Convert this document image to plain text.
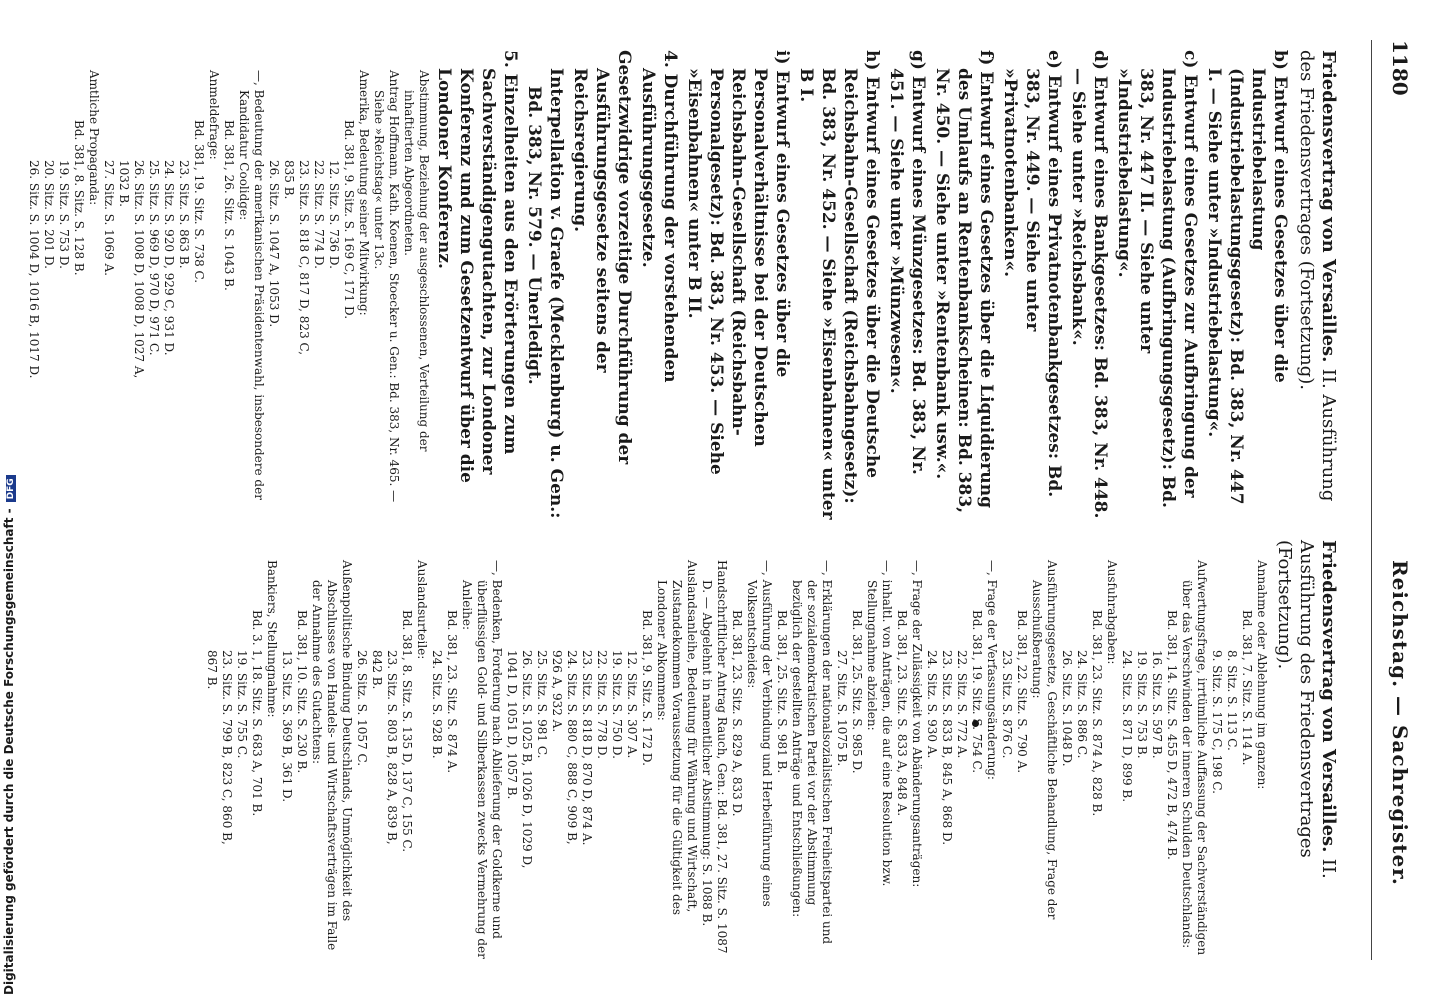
1180
Reichstag. — Sachregister.
Friedensvertrag von Versailles. II. Ausführung des Friedensvertrages (Fortsetzung).
b) Entwurf eines Gesetzes über die Industriebelastung (Industriebelastungsgesetz): Bd. 383, Nr. 447 I. — Siehe unter »Industriebelastung«.
c) Entwurf eines Gesetzes zur Aufbringung der Industriebelastung (Aufbringungsgesetz): Bd. 383, Nr. 447 II. — Siehe unter »Industriebelastung«.
d) Entwurf eines Bankgesetzes: Bd. 383, Nr. 448. — Siehe unter »Reichsbank«.
e) Entwurf eines Privatnotenbankgesetzes: Bd. 383, Nr. 449. — Siehe unter »Privatnotenbanken«.
f) Entwurf eines Gesetzes über die Liquidierung des Umlaufs an Rentenbankscheinen: Bd. 383, Nr. 450. — Siehe unter »Rentenbank usw.«.
g) Entwurf eines Münzgesetzes: Bd. 383, Nr. 451. — Siehe unter »Münzwesen«.
h) Entwurf eines Gesetzes über die Deutsche Reichsbahn-Gesellschaft (Reichsbahngesetz): Bd. 383, Nr. 452. — Siehe »Eisenbahnen« unter B I.
i) Entwurf eines Gesetzes über die Personalverhältnisse bei der Deutschen Reichsbahn-Gesellschaft (Reichsbahn-Personalgesetz): Bd. 383, Nr. 453. — Siehe »Eisenbahnen« unter B II.
4. Durchführung der vorstehenden Ausführungsgesetze.
Gesetzwidrige vorzeitige Durchführung der Ausführungsgesetze seitens der Reichsregierung.
Interpellation v. Graefe (Mecklenburg) u. Gen.: Bd. 383, Nr. 579. — Unerledigt.
5. Einzelheiten aus den Erörterungen zum Sachverständigengutachten, zur Londoner Konferenz und zum Gesetzentwurf über die Londoner Konferenz.
Abstimmung, Beziehung der ausgeschlossenen, Verteilung der inhaftierten Abgeordneten.
Antrag Hoffmann, Kath. Koenen, Stoecker u. Gen.: Bd. 383, Nr. 465. — Siehe »Reichstag« unter 13c.
Amerika, Bedeutung seiner Mitwirkung:
Bd. 381, 9. Sitz. S. 169 C, 171 D.
12. Sitz. S. 736 D.
22. Sitz. S. 774 D.
23. Sitz. S. 818 C, 817 D, 823 C,
835 B.
26. Sitz. S. 1047 A, 1053 D.
—, Bedeutung der amerikanischen Präsidentenwahl, insbesondere der Kandidatur Coolidge:
Bd. 381, 26. Sitz. S. 1043 B.
Anmeldefrage:
Bd. 381, 19. Sitz. S. 738 C.
23. Sitz. S. 863 B.
24. Sitz. S. 920 D, 929 C, 931 D.
25. Sitz. S. 969 D, 970 D, 971 C.
26. Sitz. S. 1008 D, 1008 D, 1027 A,
1032 B.
27. Sitz. S. 1069 A.
Amtliche Propaganda:
Bd. 381, 8. Sitz. S. 128 B.
19. Sitz. S. 753 D.
20. Sitz. S. 201 D.
26. Sitz. S. 1004 D, 1016 B, 1017 D.
Friedensvertrag von Versailles. II. Ausführung des Friedensvertrages (Fortsetzung).
Annahme oder Ablehnung im ganzen:
Bd. 381, 7. Sitz. S. 114 A.
8. Sitz. S. 113 C.
9. Sitz. S. 175 C, 198 C.
Aufwertungsfrage, irrtümliche Auffassung der Sachverständigen über das Verschwinden der inneren Schulden Deutschlands:
Bd. 381, 14. Sitz. S. 455 D, 472 B, 474 B.
16. Sitz. S. 597 B.
19. Sitz. S. 753 B.
24. Sitz. S. 871 D, 899 B.
Ausfuhrabgaben:
Bd. 381, 23. Sitz. S. 874 A, 828 B.
24. Sitz. S. 886 C.
26. Sitz. S. 1048 D.
Ausführungsgesetze, Geschäftliche Behandlung, Frage der Ausschußberatung:
Bd. 381, 22. Sitz. S. 790 A.
23. Sitz. S. 876 C.
—, Frage der Verfassungsänderung:
Bd. 381, 19. Sitz. S. 754 C.
22. Sitz. S. 772 A.
23. Sitz. S. 833 B, 845 A, 868 D.
24. Sitz. S. 930 A.
—, Frage der Zulässigkeit von Abänderungsanträgen:
Bd. 381, 23. Sitz. S. 833 A, 848 A.
—, inhaltl. von Anträgen, die auf eine Resolution bzw. Stellungnahme abzielen:
Bd. 381, 25. Sitz. S. 985 D.
27. Sitz. S. 1075 B.
—, Erklärungen der nationalsozialistischen Freiheitspartei und der sozialdemokratischen Partei vor der Abstimmung bezüglich der gestellten Anträge und Entschließungen:
Bd. 381, 25. Sitz. S. 981 B.
—, Ausführung der Verbindung und Herbeiführung eines Volksentscheides:
Bd. 381, 23. Sitz. S. 829 A, 833 D.
Handschriftlicher Antrag Rauch, Gen.: Bd. 381, 27. Sitz. S. 1087 D. — Abgelehnt in namentlicher Abstimmung: S. 1088 B.
Auslandsanleihe, Bedeutung für Währung und Wirtschaft, Zustandekommen Voraussetzung für die Gültigkeit des Londoner Abkommens:
Bd. 381, 9. Sitz. S. 172 D.
12. Sitz. S. 307 A.
19. Sitz. S. 750 D.
22. Sitz. S. 778 D.
23. Sitz. S. 818 D, 870 D, 874 A.
24. Sitz. S. 880 C, 888 C, 909 B,
926 A, 932 A.
25. Sitz. S. 981 C.
26. Sitz. S. 1025 B, 1026 D, 1029 D,
1041 D, 1051 D, 1057 B.
—, Bedenken, Forderung nach Ablieferung der Goldkerne und überflüssigen Gold- und Silberkassen zwecks Vermehrung der Anleihe:
Bd. 381, 23. Sitz. S. 874 A.
24. Sitz. S. 928 B.
Auslandsurteile:
Bd. 381, 8. Sitz. S. 135 D, 137 C, 155 C.
23. Sitz. S. 803 B, 828 A, 839 B,
842 B.
26. Sitz. S. 1057 C.
Außenpolitische Bindung Deutschlands, Unmöglichkeit des Abschlusses von Handels- und Wirtschaftsverträgen im Falle der Annahme des Gutachtens:
Bd. 381, 10. Sitz. S. 230 B.
13. Sitz. S. 369 B, 361 D.
Bankiers, Stellungnahme:
Bd. 3. 1, 18. Sitz. S. 683 A, 701 B.
19. Sitz. S. 755 C.
23. Sitz. S. 799 B, 823 C, 860 B,
867 B.
Digitalisierung gefördert durch die Deutsche Forschungsgemeinschaft -DFG
